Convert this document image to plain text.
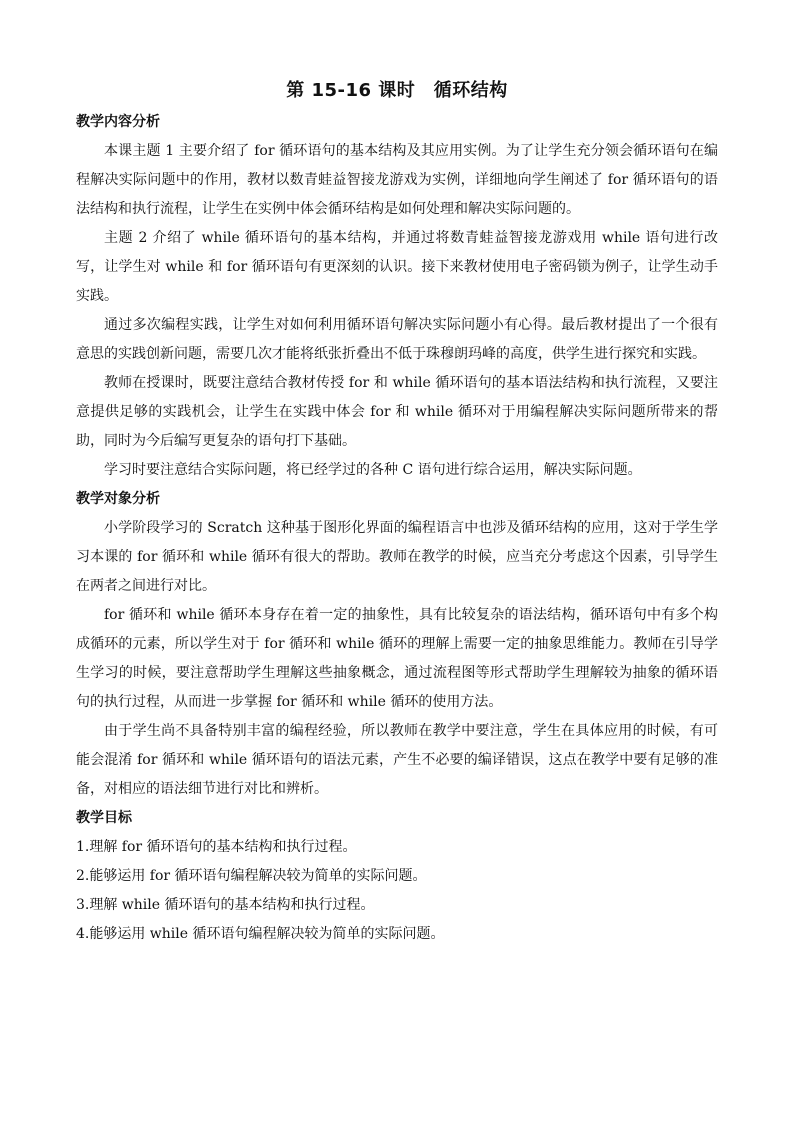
第 15-16 课时　循环结构
教学内容分析

本课主题 1 主要介绍了 for 循环语句的基本结构及其应用实例。为了让学生充分领会循环语句在编程解决实际问题中的作用，教材以数青蛙益智接龙游戏为实例，详细地向学生阐述了 for 循环语句的语法结构和执行流程，让学生在实例中体会循环结构是如何处理和解决实际问题的。

主题 2 介绍了 while 循环语句的基本结构，并通过将数青蛙益智接龙游戏用 while 语句进行改写，让学生对 while 和 for 循环语句有更深刻的认识。接下来教材使用电子密码锁为例子，让学生动手实践。

通过多次编程实践，让学生对如何利用循环语句解决实际问题小有心得。最后教材提出了一个很有意思的实践创新问题，需要几次才能将纸张折叠出不低于珠穆朗玛峰的高度，供学生进行探究和实践。

教师在授课时，既要注意结合教材传授 for 和 while 循环语句的基本语法结构和执行流程，又要注意提供足够的实践机会，让学生在实践中体会 for 和 while 循环对于用编程解决实际问题所带来的帮助，同时为今后编写更复杂的语句打下基础。

学习时要注意结合实际问题，将已经学过的各种 C 语句进行综合运用，解决实际问题。

教学对象分析

小学阶段学习的 Scratch 这种基于图形化界面的编程语言中也涉及循环结构的应用，这对于学生学习本课的 for 循环和 while 循环有很大的帮助。教师在教学的时候，应当充分考虑这个因素，引导学生在两者之间进行对比。

for 循环和 while 循环本身存在着一定的抽象性，具有比较复杂的语法结构，循环语句中有多个构成循环的元素，所以学生对于 for 循环和 while 循环的理解上需要一定的抽象思维能力。教师在引导学生学习的时候，要注意帮助学生理解这些抽象概念，通过流程图等形式帮助学生理解较为抽象的循环语句的执行过程，从而进一步掌握 for 循环和 while 循环的使用方法。

由于学生尚不具备特别丰富的编程经验，所以教师在教学中要注意，学生在具体应用的时候，有可能会混淆 for 循环和 while 循环语句的语法元素，产生不必要的编译错误，这点在教学中要有足够的准备，对相应的语法细节进行对比和辨析。

教学目标

1.理解 for 循环语句的基本结构和执行过程。

2.能够运用 for 循环语句编程解决较为简单的实际问题。

3.理解 while 循环语句的基本结构和执行过程。

4.能够运用 while 循环语句编程解决较为简单的实际问题。
